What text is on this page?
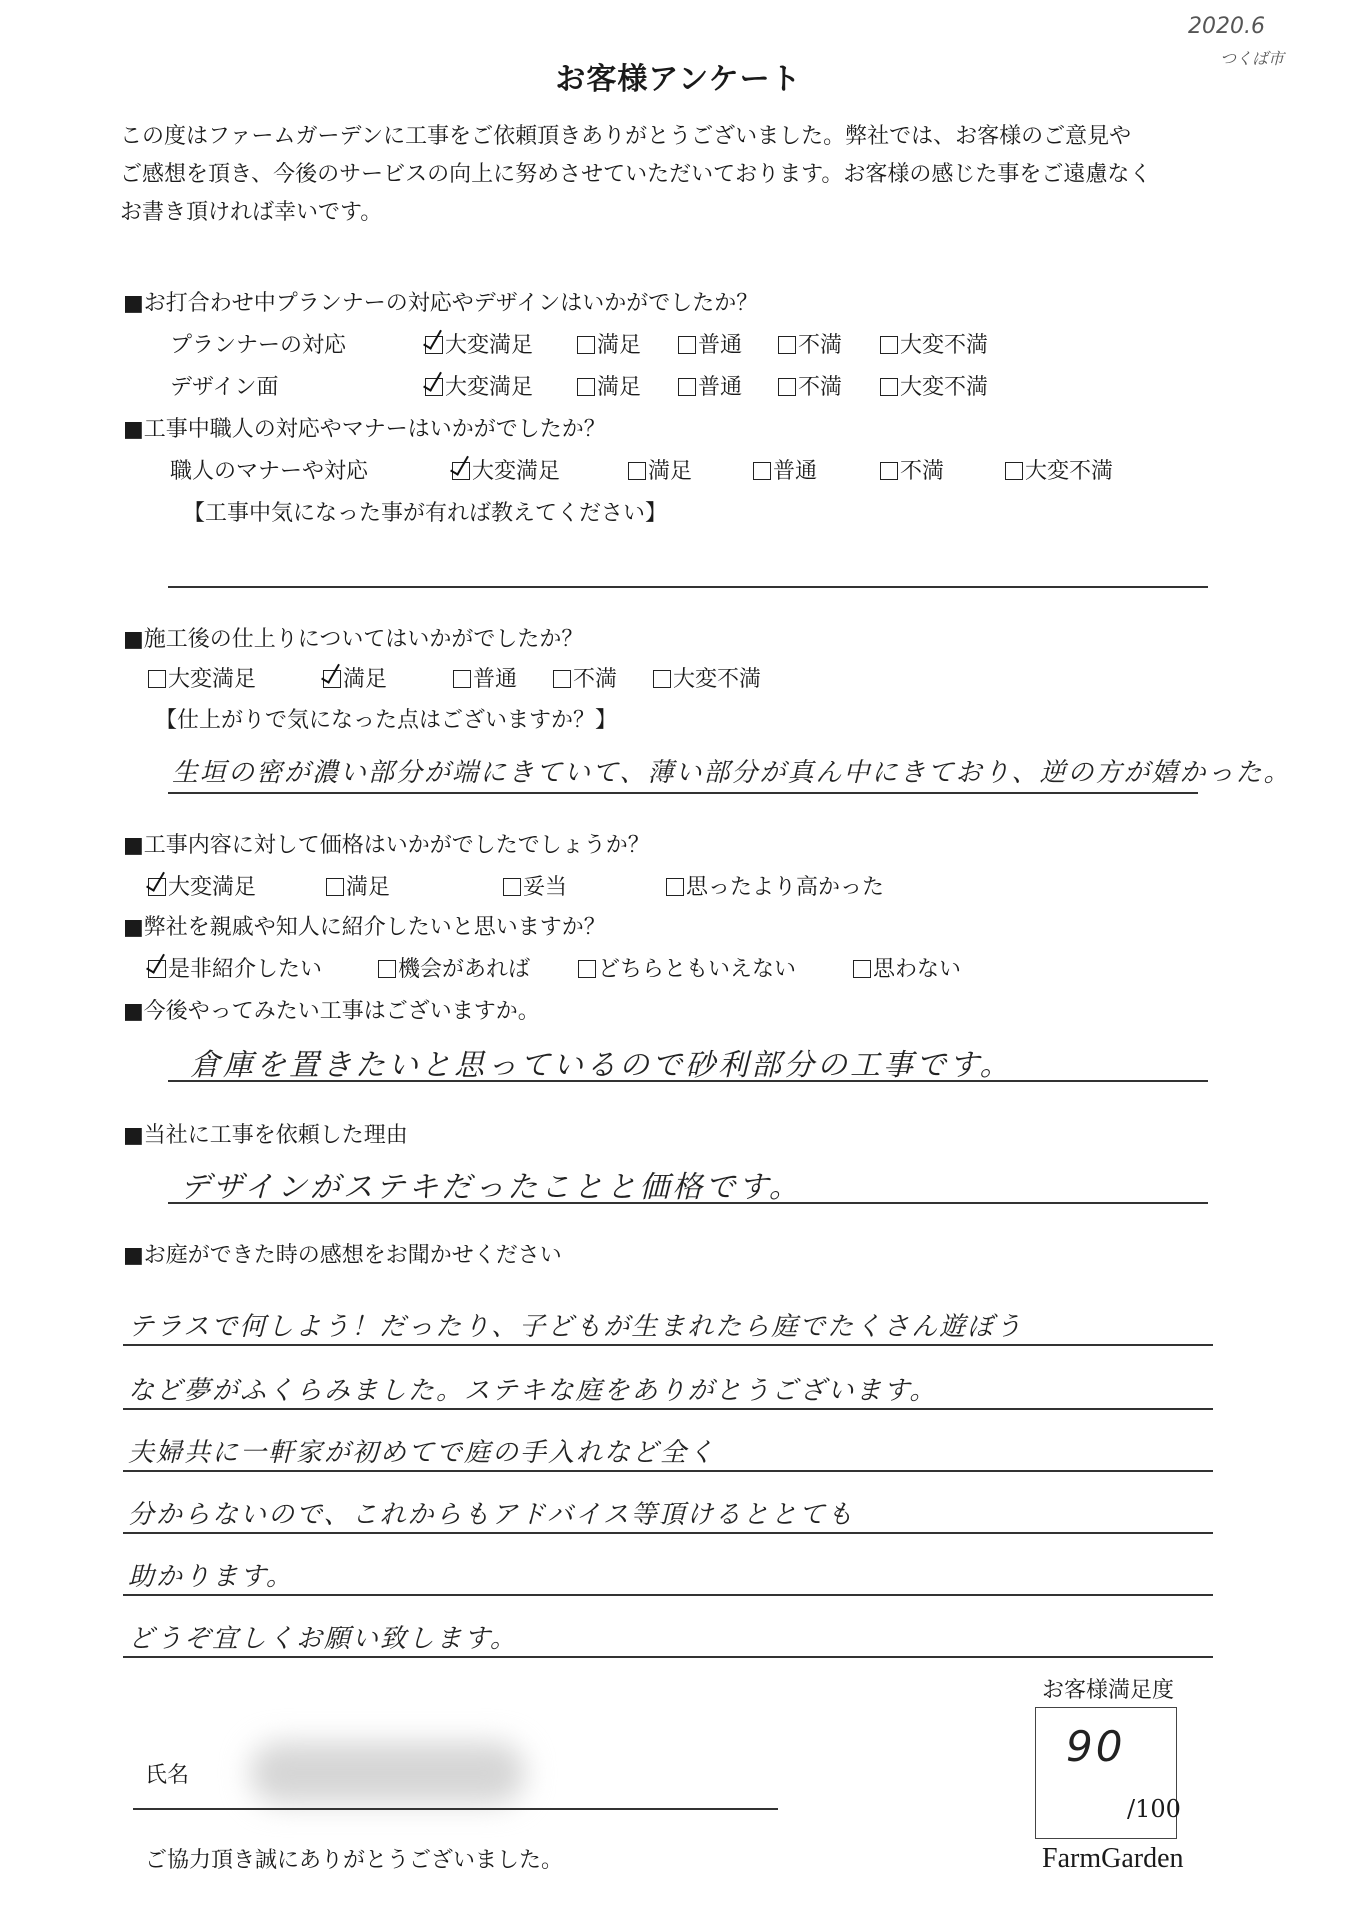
2020.6
つくば市
お客様アンケート
この度はファームガーデンに工事をご依頼頂きありがとうございました。弊社では、お客様のご意見や
ご感想を頂き、今後のサービスの向上に努めさせていただいております。お客様の感じた事をご遠慮なく
お書き頂ければ幸いです。
■お打合わせ中プランナーの対応やデザインはいかがでしたか？
プランナーの対応	大変満足	満足	普通	不満	大変不満
デザイン面	大変満足	満足	普通	不満	大変不満
■工事中職人の対応やマナーはいかがでしたか？
職人のマナーや対応	大変満足	満足	普通	不満	大変不満
【工事中気になった事が有れば教えてください】
■施工後の仕上りについてはいかがでしたか？
大変満足	満足	普通	不満	大変不満
【仕上がりで気になった点はございますか？】
生垣の密が濃い部分が端にきていて、薄い部分が真ん中にきており、逆の方が嬉かった。
■工事内容に対して価格はいかがでしたでしょうか？
大変満足	満足	妥当	思ったより高かった
■弊社を親戚や知人に紹介したいと思いますか？
是非紹介したい	機会があれば	どちらともいえない	思わない
■今後やってみたい工事はございますか。
倉庫を置きたいと思っているので砂利部分の工事です。
■当社に工事を依頼した理由
デザインがステキだったことと価格です。
■お庭ができた時の感想をお聞かせください
テラスで何しよう！だったり、子どもが生まれたら庭でたくさん遊ぼう
など夢がふくらみました。ステキな庭をありがとうございます。
夫婦共に一軒家が初めてで庭の手入れなど全く
分からないので、これからもアドバイス等頂けるととても
助かります。
どうぞ宜しくお願い致します。
お客様満足度
90
/100
FarmGarden
氏名
ご協力頂き誠にありがとうございました。
